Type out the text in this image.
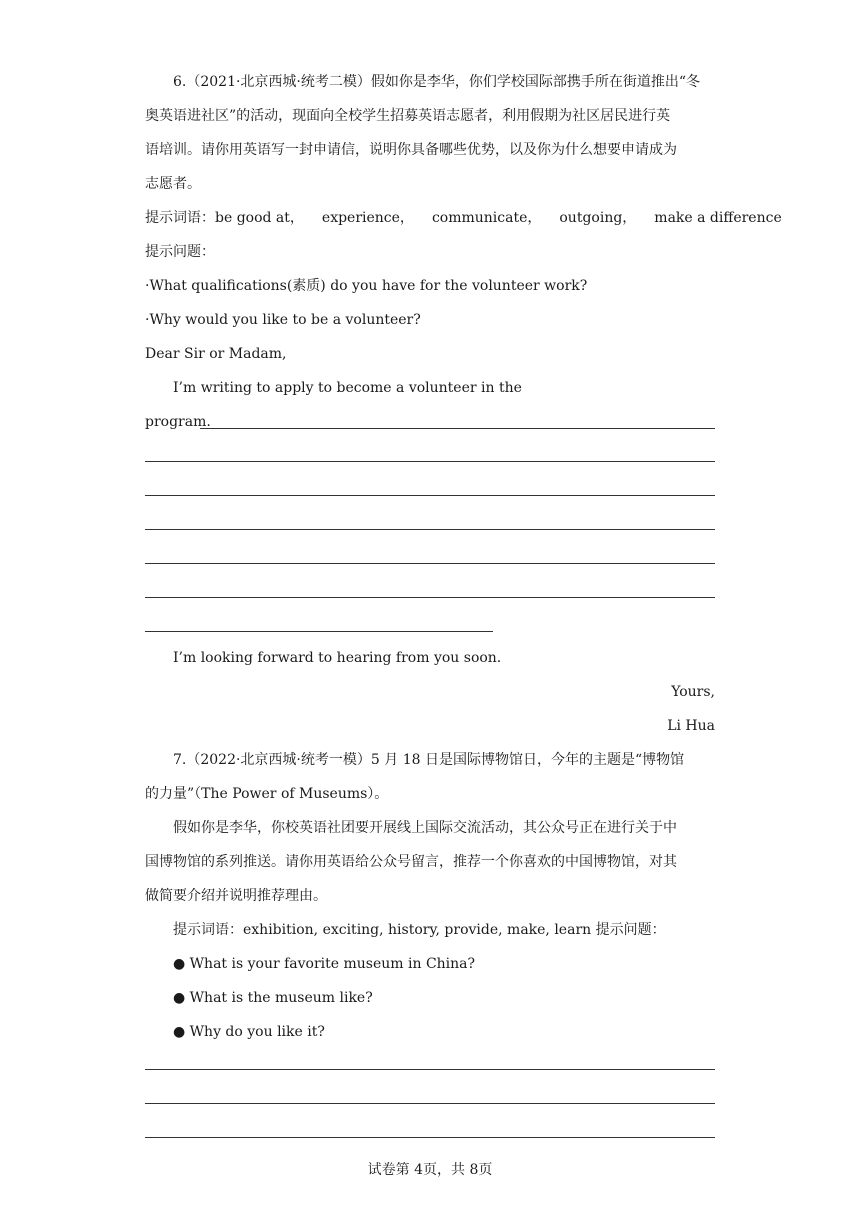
6.（2021·北京西城·统考二模）假如你是李华，你们学校国际部携手所在街道推出“冬
奥英语进社区”的活动，现面向全校学生招募英语志愿者，利用假期为社区居民进行英
语培训。请你用英语写一封申请信，说明你具备哪些优势，以及你为什么想要申请成为
志愿者。
提示词语：be good at， experience， communicate， outgoing， make a difference
提示问题：
·What qualifications(素质) do you have for the volunteer work?
·Why would you like to be a volunteer?
Dear Sir or Madam,
I’m writing to apply to become a volunteer in the
program.
I’m looking forward to hearing from you soon.
Yours,
Li Hua
7.（2022·北京西城·统考一模）5 月 18 日是国际博物馆日，今年的主题是“博物馆
的力量”（The Power of Museums）。
假如你是李华，你校英语社团要开展线上国际交流活动，其公众号正在进行关于中
国博物馆的系列推送。请你用英语给公众号留言，推荐一个你喜欢的中国博物馆，对其
做简要介绍并说明推荐理由。
提示词语：exhibition, exciting, history, provide, make, learn 提示问题：
● What is your favorite museum in China?
● What is the museum like?
● Why do you like it?
试卷第 4页，共 8页
